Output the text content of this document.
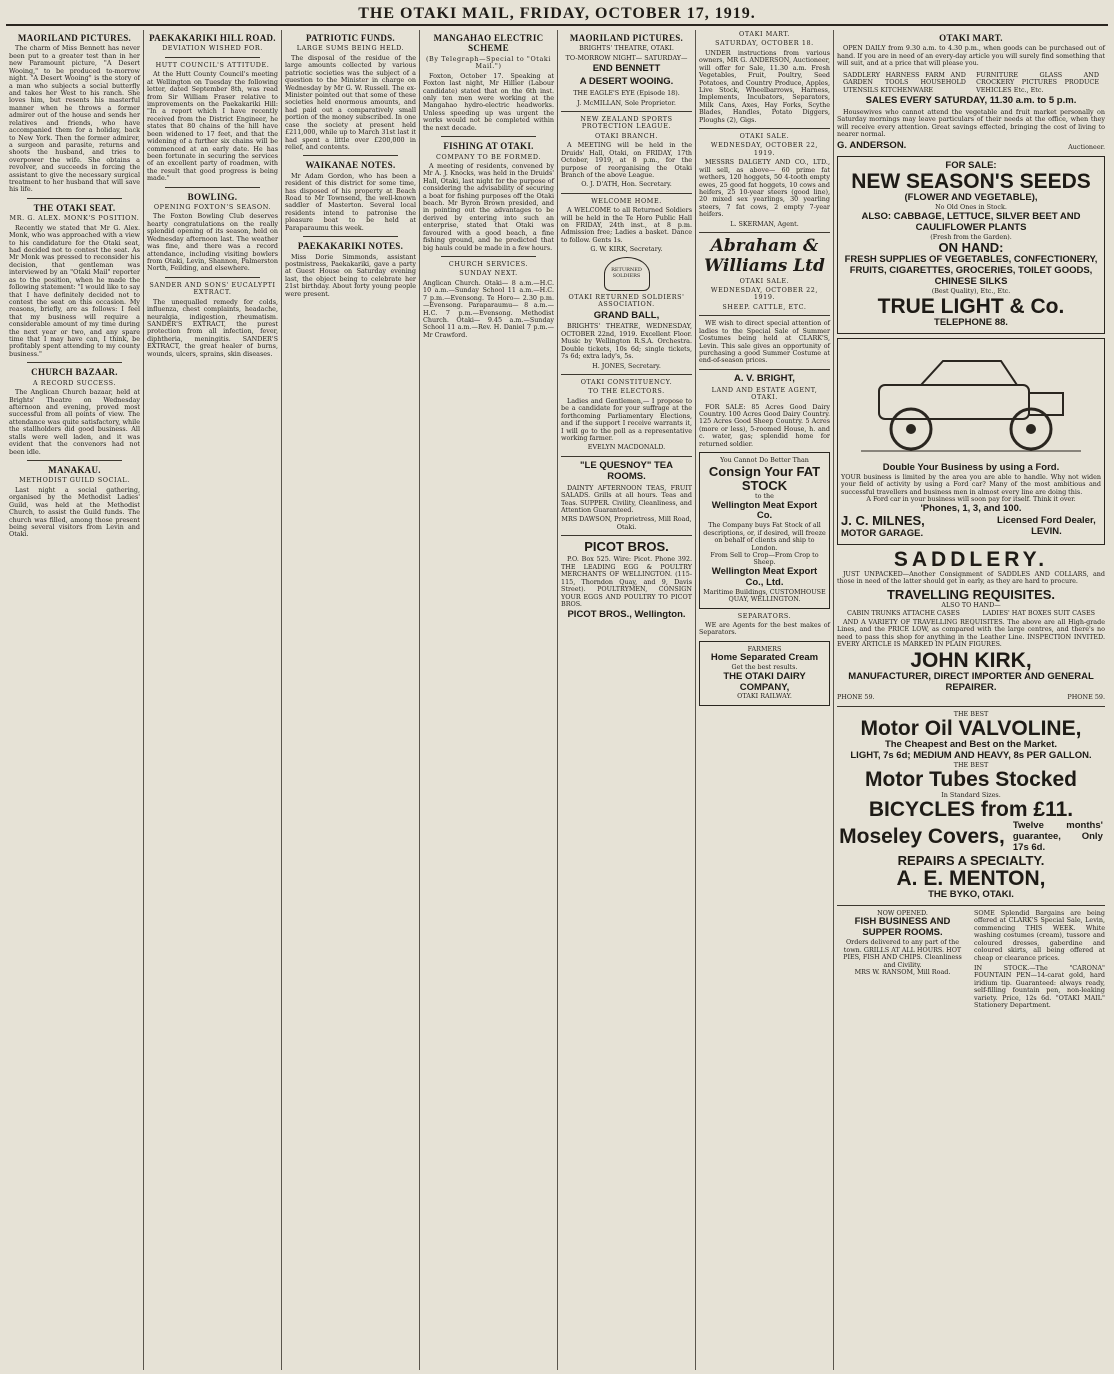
THE OTAKI MAIL, FRIDAY, OCTOBER 17, 1919.
MAORILAND PICTURES.

The charm of Miss Bennett has never been put to a greater test than in her new Paramount picture, "A Desert Wooing," to be produced to-morrow night. "A Desert Wooing" is the story of a man who subjects a social butterfly and takes her West to his ranch. She loves him, but resents his masterful manner when he throws a former admirer out of the house and sends her relatives and friends, who have accompanied them for a holiday, back to New York. Then the former admirer, a surgeon and parasite, returns and shoots the husband, and tries to overpower the wife. She obtains a revolver, and succeeds in forcing the assistant to give the necessary surgical treatment to her husband that will save his life.

THE OTAKI SEAT.
MR. G. ALEX. MONK'S POSITION.

Recently we stated that Mr G. Alex. Monk, who was approached with a view to his candidature for the Otaki seat, had decided not to contest the seat. As Mr Monk was pressed to reconsider his decision, that gentleman was interviewed by an "Otaki Mail" reporter as to the position, when he made the following statement: "I would like to say that I have definitely decided not to contest the seat on this occasion. My reasons, briefly, are as follows: I feel that my business will require a considerable amount of my time during the next year or two, and any spare time that I may have can, I think, be profitably spent attending to my county business."

CHURCH BAZAAR.
A RECORD SUCCESS.

The Anglican Church bazaar, held at Brights' Theatre on Wednesday afternoon and evening, proved most successful from all points of view. The attendance was quite satisfactory, while the stallholders did good business. All stalls were well laden, and it was evident that the convenors had not been idle.

MANAKAU.
METHODIST GUILD SOCIAL.

Last night a social gathering, organised by the Methodist Ladies' Guild, was held at the Methodist Church, to assist the Guild funds. The church was filled, among those present being several visitors from Levin and Otaki.

PAEKAKARIKI HILL ROAD.
DEVIATION WISHED FOR.
HUTT COUNCIL'S ATTITUDE.

At the Hutt County Council's meeting at Wellington on Tuesday the following letter, dated September 8th, was read from Sir William Fraser relative to improvements on the Paekakariki Hill: "In a report which I have recently received from the District Engineer, he states that 80 chains of the hill have been widened to 17 feet, and that the widening of a further six chains will be commenced at an early date. He has been fortunate in securing the services of an excellent party of roadmen, with the result that good progress is being made."

BOWLING.
OPENING FOXTON'S SEASON.

The Foxton Bowling Club deserves hearty congratulations on the really splendid opening of its season, held on Wednesday afternoon last. The weather was fine, and there was a record attendance, including visiting bowlers from Otaki, Levin, Shannon, Palmerston North, Feilding, and elsewhere.

SANDER AND SONS' EUCALYPTI EXTRACT.

The unequalled remedy for colds, influenza, chest complaints, headache, neuralgia, indigestion, rheumatism. SANDER'S EXTRACT, the purest protection from all infection, fever, diphtheria, meningitis. SANDER'S EXTRACT, the great healer of burns, wounds, ulcers, sprains, skin diseases.

PATRIOTIC FUNDS.
LARGE SUMS BEING HELD.

The disposal of the residue of the large amounts collected by various patriotic societies was the subject of a question to the Minister in charge on Wednesday by Mr G. W. Russell. The ex-Minister pointed out that some of these societies held enormous amounts, and had paid out a comparatively small portion of the money subscribed. In one case the society at present held £211,000, while up to March 31st last it had spent a little over £200,000 in relief, and contents.

WAIKANAE NOTES.

Mr Adam Gordon, who has been a resident of this district for some time, has disposed of his property at Beach Road to Mr Townsend, the well-known saddler of Masterton. Several local residents intend to patronise the pleasure boat to be held at Paraparaumu this week.

PAEKAKARIKI NOTES.

Miss Dorie Simmonds, assistant postmistress, Paekakariki, gave a party at Guest House on Saturday evening last, the object being to celebrate her 21st birthday. About forty young people were present.

MANGAHAO ELECTRIC SCHEME
(By Telegraph—Special to "Otaki Mail.")

Foxton, October 17. Speaking at Foxton last night, Mr Hillier (Labour candidate) stated that on the 6th inst. only ten men were working at the Mangahao hydro-electric headworks. Unless speeding up was urgent the works would not be completed within the next decade.

FISHING AT OTAKI.
COMPANY TO BE FORMED.

A meeting of residents, convened by Mr A. J. Knocks, was held in the Druids' Hall, Otaki, last night for the purpose of considering the advisability of securing a boat for fishing purposes off the Otaki beach. Mr Byron Brown presided, and in pointing out the advantages to be derived by entering into such an enterprise, stated that Otaki was favoured with a good beach, a fine fishing ground, and he predicted that big hauls could be made in a few hours.

CHURCH SERVICES.
SUNDAY NEXT.

Anglican Church. Otaki— 8 a.m.—H.C. 10 a.m.—Sunday School 11 a.m.—H.C. 7 p.m.—Evensong. Te Horo— 2.30 p.m.—Evensong. Paraparaumu— 8 a.m.—H.C. 7 p.m.—Evensong. Methodist Church. Otaki— 9.45 a.m.—Sunday School 11 a.m.—Rev. H. Daniel 7 p.m.—Mr Crawford.

MAORILAND PICTURES.

BRIGHTS' THEATRE, OTAKI.

TO-MORROW NIGHT— SATURDAY—

END BENNETT

A DESERT WOOING.

THE EAGLE'S EYE (Episode 18).

J. McMILLAN, Sole Proprietor.

NEW ZEALAND SPORTS PROTECTION LEAGUE.
OTAKI BRANCH.

A MEETING will be held in the Druids' Hall, Otaki, on FRIDAY, 17th October, 1919, at 8 p.m., for the purpose of reorganising the Otaki Branch of the above League.

O. J. D'ATH, Hon. Secretary.

WELCOME HOME.

A WELCOME to all Returned Soldiers will be held in the Te Horo Public Hall on FRIDAY, 24th inst., at 8 p.m. Admission free; Ladies a basket. Dance to follow. Gents 1s.

G. W. KIRK, Secretary.

RETURNED SOLDIERS
OTAKI RETURNED SOLDIERS' ASSOCIATION.

GRAND BALL,

BRIGHTS' THEATRE, WEDNESDAY, OCTOBER 22nd, 1919. Excellent Floor. Music by Wellington R.S.A. Orchestra. Double tickets, 10s 6d; single tickets, 7s 6d; extra lady's, 5s.

H. JONES, Secretary.

OTAKI CONSTITUENCY.
TO THE ELECTORS.

Ladies and Gentlemen,— I propose to be a candidate for your suffrage at the forthcoming Parliamentary Elections, and if the support I receive warrants it, I will go to the poll as a representative working farmer.

EVELYN MACDONALD.

"LE QUESNOY" TEA ROOMS.

DAINTY AFTERNOON TEAS, FRUIT SALADS. Grills at all hours. Teas and Teas. SUPPER. Civility, Cleanliness, and Attention Guaranteed.

MRS DAWSON, Proprietress, Mill Road, Otaki.

PICOT BROS.

P.O. Box 525. Wire: Picot. Phone 392. THE LEADING EGG & POULTRY MERCHANTS OF WELLINGTON. (115-115, Thorndon Quay, and 9, Davis Street). POULTRYMEN, CONSIGN YOUR EGGS AND POULTRY TO PICOT BROS.

PICOT BROS., Wellington.

OTAKI MART.
SATURDAY, OCTOBER 18.

UNDER instructions from various owners, MR G. ANDERSON, Auctioneer, will offer for Sale, 11.30 a.m. Fresh Vegetables, Fruit, Poultry, Seed Potatoes, and Country Produce, Apples, Live Stock, Wheelbarrows, Harness, Implements, Incubators, Separators, Milk Cans, Axes, Hay Forks, Scythe Blades, Handles, Potato Diggers, Ploughs (2), Gigs.

OTAKI SALE.
WEDNESDAY, OCTOBER 22, 1919.

MESSRS DALGETY AND CO., LTD., will sell, as above— 60 prime fat wethers, 120 hoggets, 50 4-tooth empty ewes, 25 good fat hoggets, 10 cows and heifers, 25 10-year steers (good line), 20 mixed sex yearlings, 30 yearling steers, 7 fat cows, 2 empty 7-year heifers.

L. SKERMAN, Agent.

Abraham & Williams Ltd
OTAKI SALE.
WEDNESDAY, OCTOBER 22, 1919.
SHEEP. CATTLE, ETC.

WE wish to direct special attention of ladies to the Special Sale of Summer Costumes being held at CLARK'S, Levin. This sale gives an opportunity of purchasing a good Summer Costume at end-of-season prices.

A. V. BRIGHT,

LAND AND ESTATE AGENT, OTAKI.

FOR SALE: 85 Acres Good Dairy Country. 100 Acres Good Dairy Country. 125 Acres Good Sheep Country. 5 Acres (more or less), 5-roomed House, h. and c. water, gas; splendid home for returned soldier.

You Cannot Do Better Than
Consign Your FAT STOCK
to the
Wellington Meat Export Co.
The Company buys Fat Stock of all descriptions, or, if desired, will freeze on behalf of clients and ship to London.
From Sell to Crop—From Crop to Sheep.
Wellington Meat Export Co., Ltd.
Maritime Buildings, CUSTOMHOUSE QUAY, WELLINGTON.
SEPARATORS.

WE are Agents for the best makes of Separators.

FARMERS
Home Separated Cream
Get the best results.
THE OTAKI DAIRY COMPANY,
OTAKI RAILWAY.
OTAKI MART.

OPEN DAILY from 9.30 a.m. to 4.30 p.m., when goods can be purchased out of hand. If you are in need of an every-day article you will surely find something that will suit, and at a price that will please you.

SADDLERY HARNESS FARM AND GARDEN TOOLS HOUSEHOLD UTENSILS KITCHENWARE
FURNITURE GLASS AND CROCKERY PICTURES PRODUCE VEHICLES Etc., Etc.

SALES EVERY SATURDAY, 11.30 a.m. to 5 p.m.

Housewives who cannot attend the vegetable and fruit market personally on Saturday mornings may leave particulars of their needs at the office, when they will receive every attention. Great savings effected, bringing the cost of living to nearer normal.

G. ANDERSON.	Auctioneer.
FOR SALE:
NEW SEASON'S SEEDS
(FLOWER AND VEGETABLE),
No Old Ones in Stock.
ALSO: CABBAGE, LETTUCE, SILVER BEET AND CAULIFLOWER PLANTS
(Fresh from the Garden).
ON HAND:
FRESH SUPPLIES OF VEGETABLES, CONFECTIONERY, FRUITS, CIGARETTES, GROCERIES, TOILET GOODS, CHINESE SILKS
(Best Quality), Etc., Etc.
TRUE LIGHT & Co.
TELEPHONE 88.
Double Your Business by using a Ford.
YOUR business is limited by the area you are able to handle. Why not widen your field of activity by using a Ford car? Many of the most ambitious and successful travellers and business men in almost every line are doing this.
A Ford car in your business will soon pay for itself. Think it over.
'Phones, 1, 3, and 100.
J. C. MILNES,
MOTOR GARAGE.
Licensed Ford Dealer, LEVIN.
SADDLERY.

JUST UNPACKED—Another Consignment of SADDLES AND COLLARS, and those in need of the latter should get in early, as they are hard to procure.

TRAVELLING REQUISITES.
ALSO TO HAND—
CABIN TRUNKS ATTACHE CASES	LADIES' HAT BOXES SUIT CASES

AND A VARIETY OF TRAVELLING REQUISITES. The above are all High-grade Lines, and the PRICE LOW, as compared with the large centres, and there's no need to pass this shop for anything in the Leather Line. INSPECTION INVITED. EVERY ARTICLE IS MARKED IN PLAIN FIGURES.

JOHN KIRK,
MANUFACTURER, DIRECT IMPORTER AND GENERAL REPAIRER.
PHONE 59.	PHONE 59.
THE BEST
Motor Oil VALVOLINE,
The Cheapest and Best on the Market.
LIGHT, 7s 6d; MEDIUM AND HEAVY, 8s PER GALLON.
THE BEST
Motor Tubes Stocked
In Standard Sizes.
BICYCLES from £11.
Moseley Covers, Twelve months' guarantee, Only 17s 6d.
REPAIRS A SPECIALTY.
A. E. MENTON,
THE BYKO, OTAKI.
NOW OPENED.
FISH BUSINESS AND SUPPER ROOMS.
Orders delivered to any part of the town. GRILLS AT ALL HOURS. HOT PIES, FISH AND CHIPS. Cleanliness and Civility.
MRS W. RANSOM, Mill Road.
SOME Splendid Bargains are being offered at CLARK'S Special Sale, Levin, commencing THIS WEEK. White washing costumes (cream), tussore and coloured dresses, gaberdine and coloured skirts, all being offered at cheap or clearance prices.
IN STOCK.—The "CARONA" FOUNTAIN PEN—14-carat gold, hard iridium tip. Guaranteed: always ready, self-filling fountain pen, non-leaking variety. Price, 12s 6d. "OTAKI MAIL" Stationery Department.
